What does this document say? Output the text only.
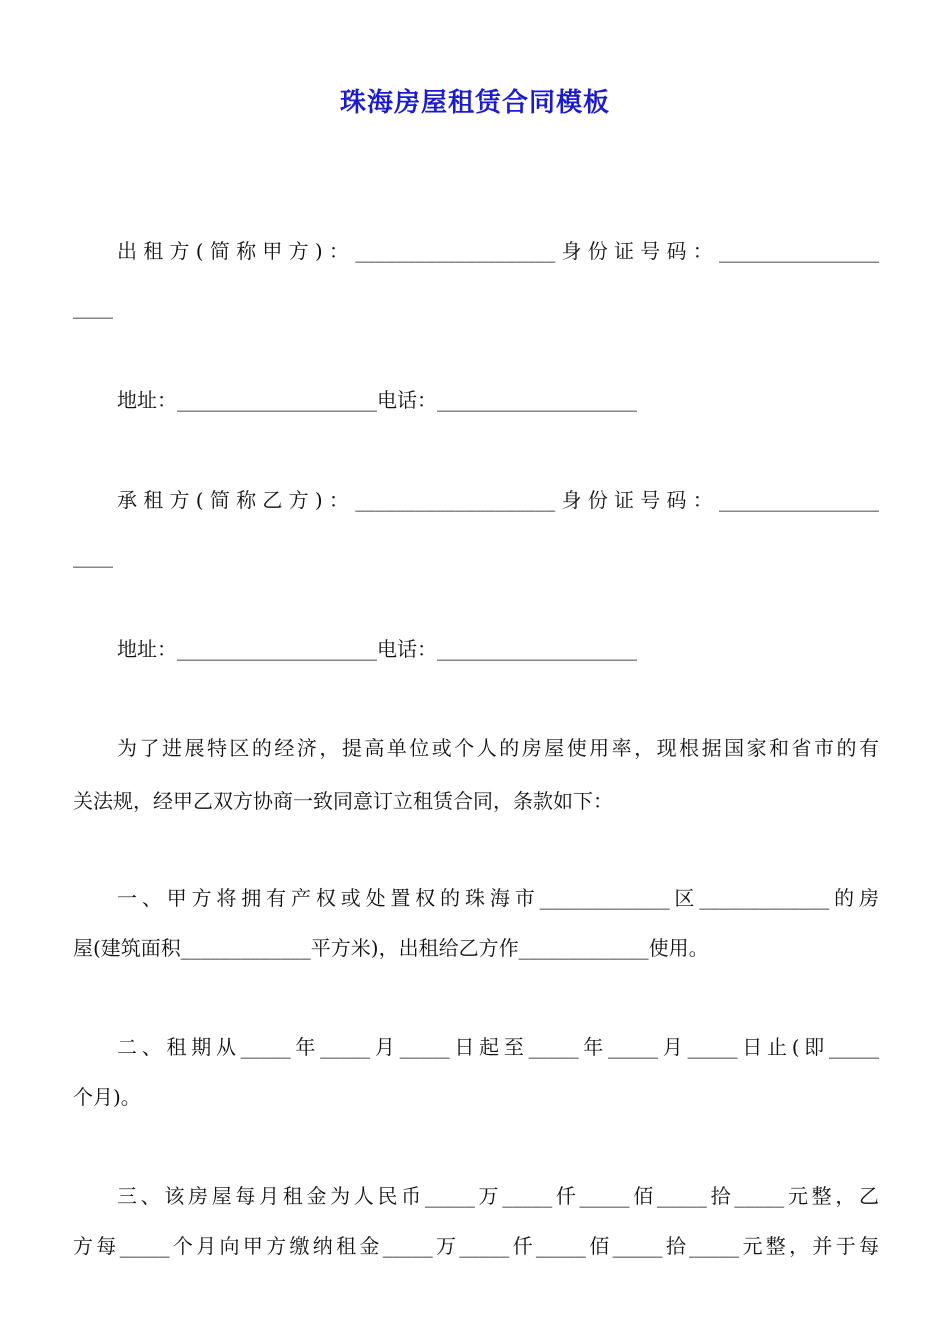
珠海房屋租赁合同模板
出租方(简称甲方)：____________________身份证号码：________________
____
地址：____________________电话：____________________
承租方(简称乙方)：____________________身份证号码：________________
____
地址：____________________电话：____________________
为了进展特区的经济，提高单位或个人的房屋使用率，现根据国家和省市的有
关法规，经甲乙双方协商一致同意订立租赁合同，条款如下：
一、甲方将拥有产权或处置权的珠海市_____________区_____________的房
屋(建筑面积_____________平方米)，出租给乙方作_____________使用。
二、租期从_____年_____月_____日起至_____年_____月_____日止(即_____
个月)。
三、该房屋每月租金为人民币_____万_____仟_____佰_____拾_____元整，乙
方每_____个月向甲方缴纳租金_____万_____仟_____佰_____拾_____元整，并于每
